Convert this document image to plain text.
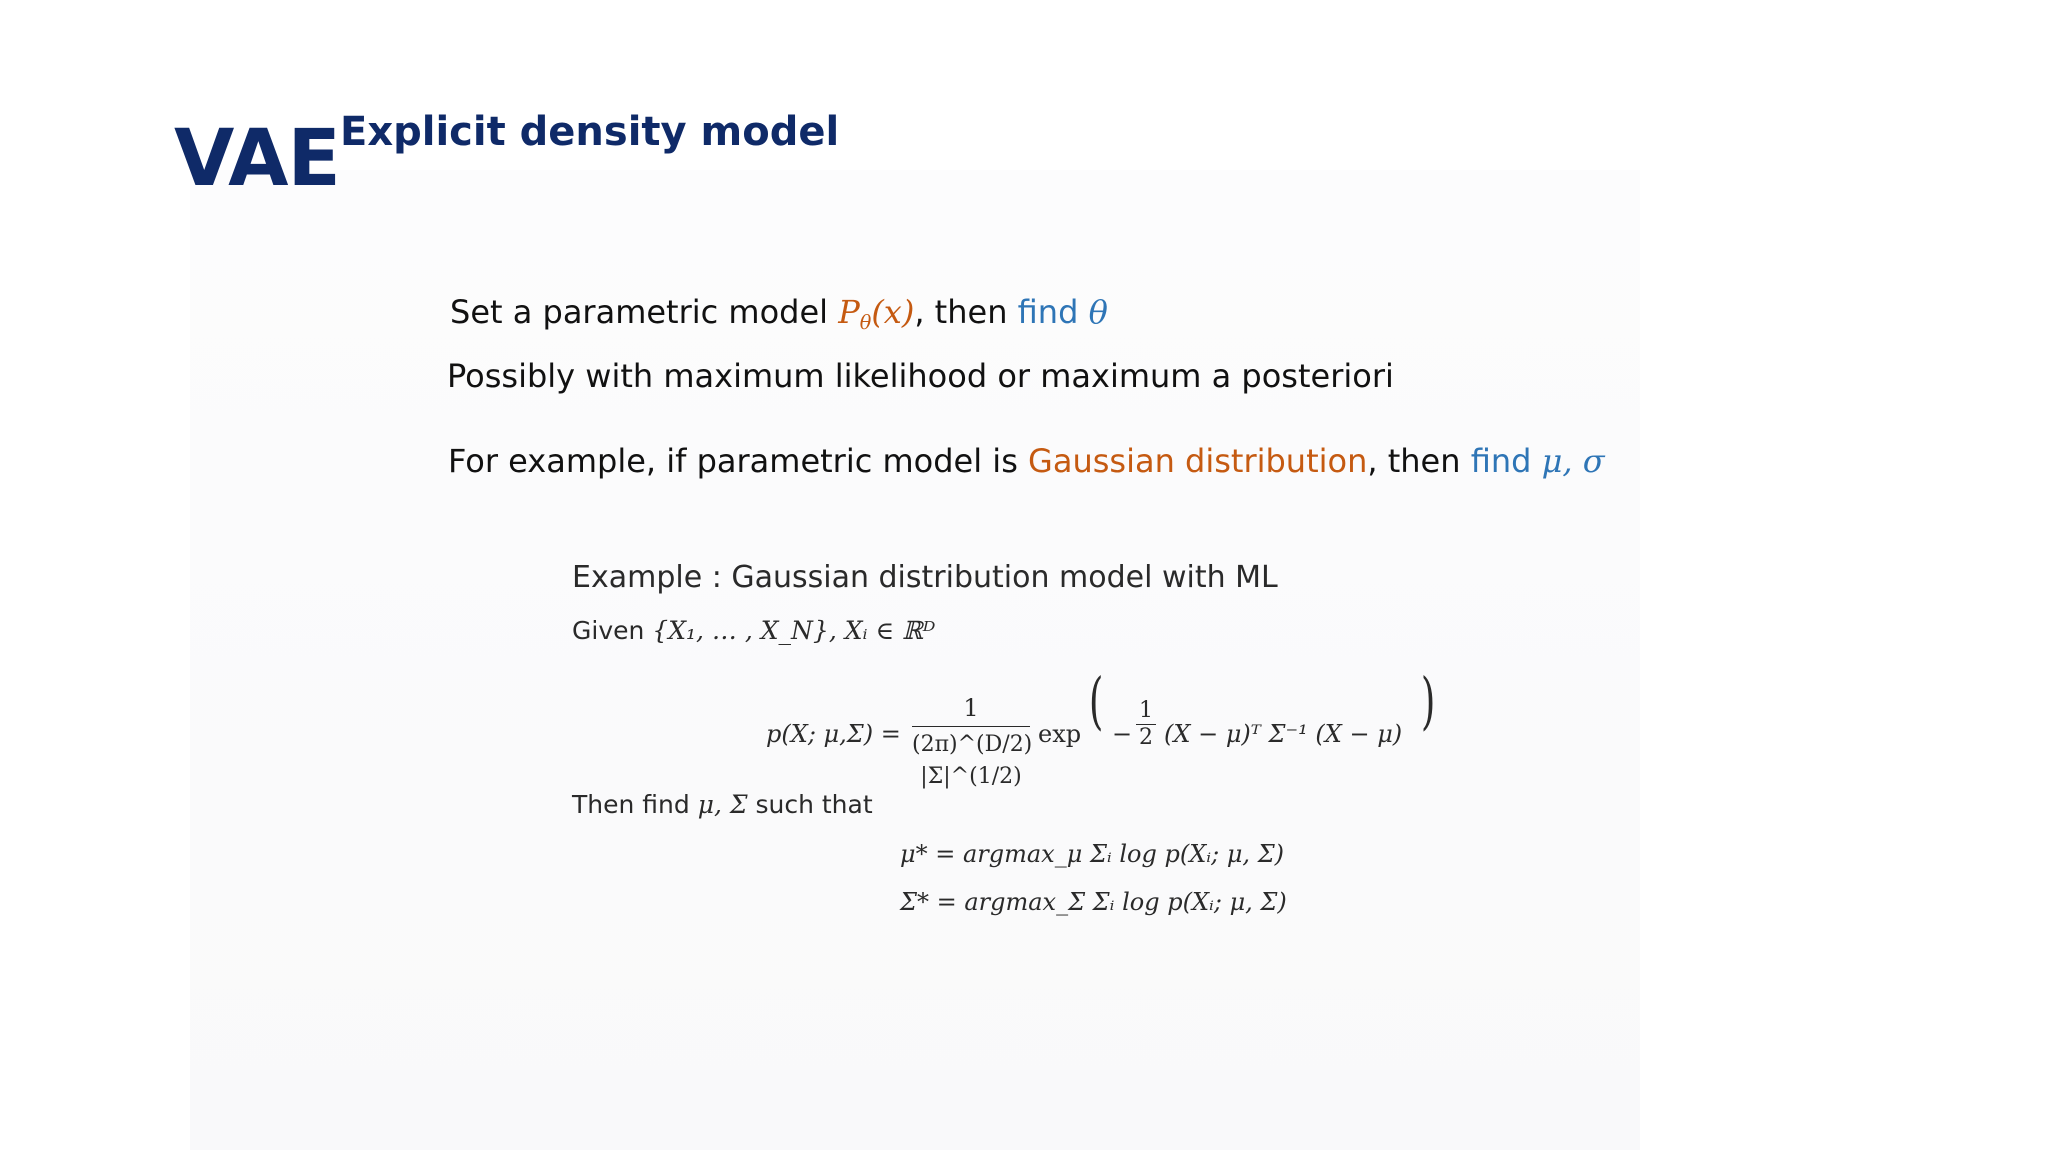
VAE Explicit density model
Set a parametric model $P_\theta(x)$, then find θ
Possibly with maximum likelihood or maximum a posteriori
For example, if parametric model is Gaussian distribution, then find μ, σ
Example : Gaussian distribution model with ML
Given {X₁, … , X_N}, Xᵢ ∈ ℝᴰ
p(X; μ,Σ) =
1
(2π)^(D/2) |Σ|^(1/2)
exp ( −
1
2 (X − μ)ᵀ Σ⁻¹ (X − μ) )
Then find μ, Σ such that
μ* = argmax_μ Σᵢ log p(Xᵢ; μ, Σ)
Σ* = argmax_Σ Σᵢ log p(Xᵢ; μ, Σ)
